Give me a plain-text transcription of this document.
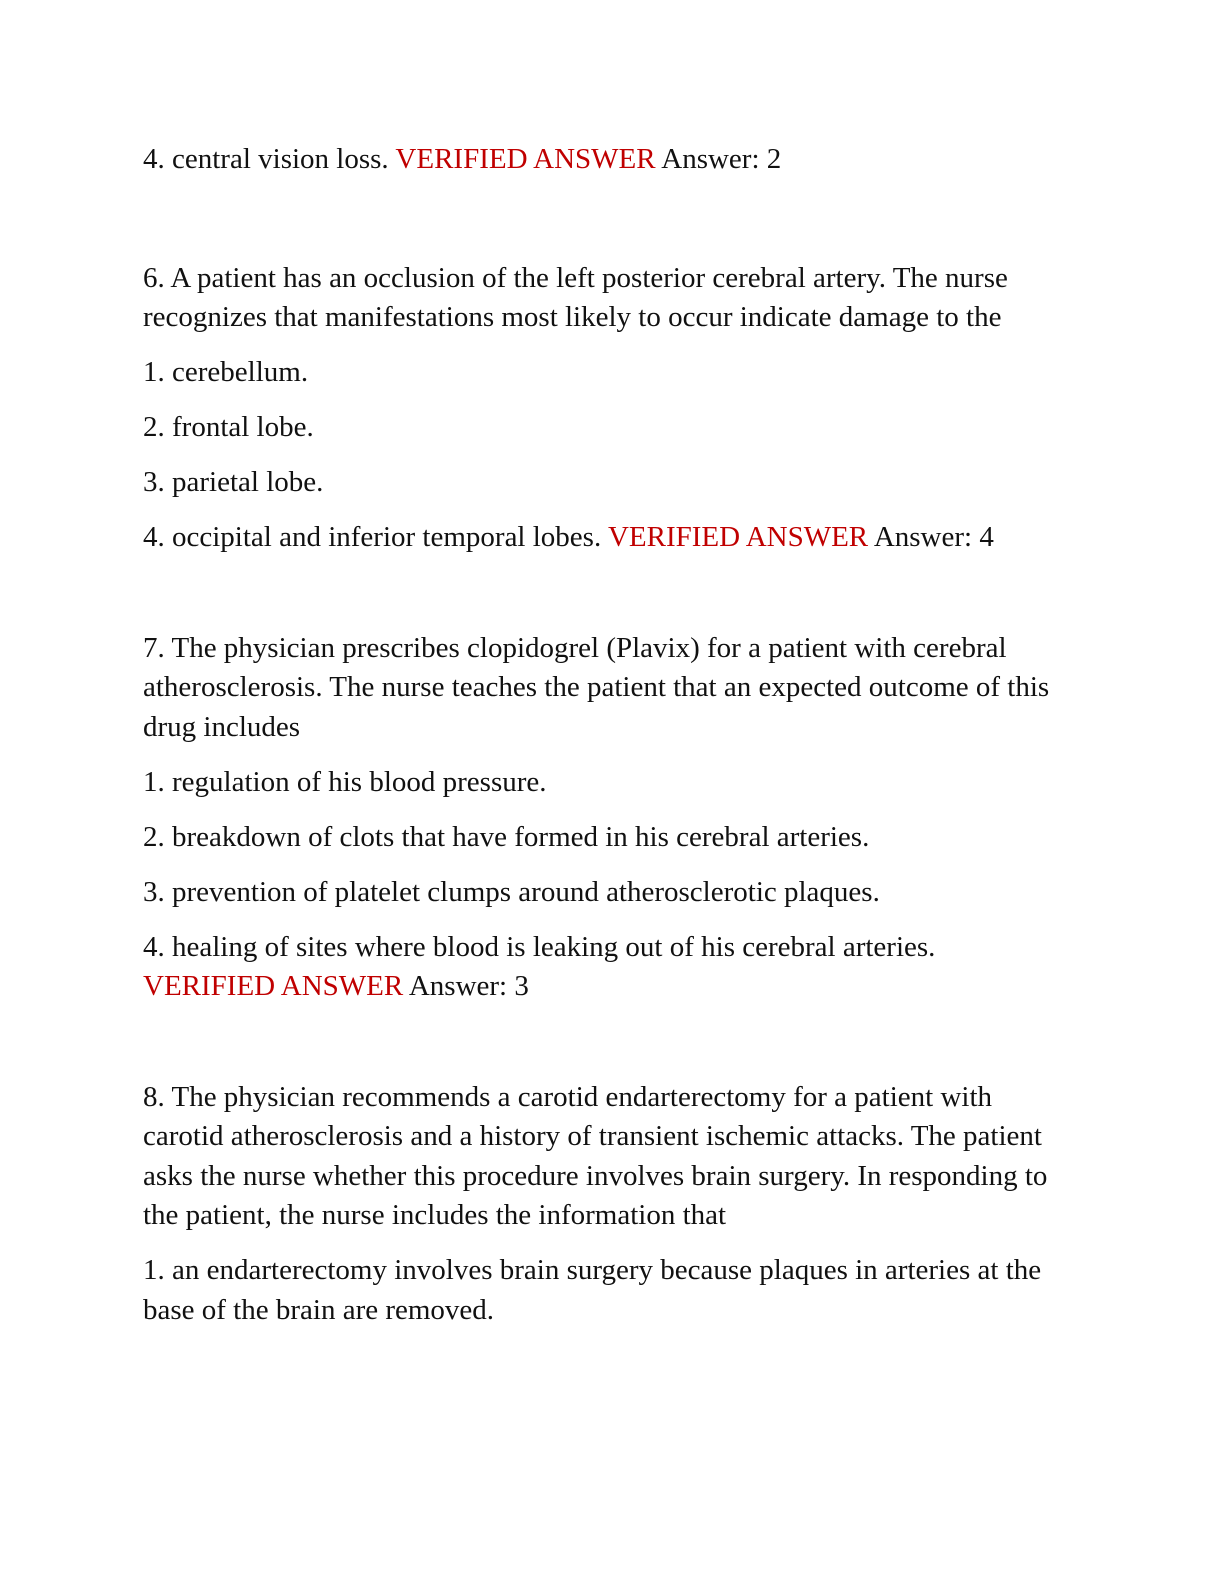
4. central vision loss. VERIFIED ANSWER Answer: 2

6. A patient has an occlusion of the left posterior cerebral artery. The nurse recognizes that manifestations most likely to occur indicate damage to the

1. cerebellum.

2. frontal lobe.

3. parietal lobe.

4. occipital and inferior temporal lobes. VERIFIED ANSWER Answer: 4

7. The physician prescribes clopidogrel (Plavix) for a patient with cerebral atherosclerosis. The nurse teaches the patient that an expected outcome of this drug includes

1. regulation of his blood pressure.

2. breakdown of clots that have formed in his cerebral arteries.

3. prevention of platelet clumps around atherosclerotic plaques.

4. healing of sites where blood is leaking out of his cerebral arteries. VERIFIED ANSWER Answer: 3

8. The physician recommends a carotid endarterectomy for a patient with carotid atherosclerosis and a history of transient ischemic attacks. The patient asks the nurse whether this procedure involves brain surgery. In responding to the patient, the nurse includes the information that

1. an endarterectomy involves brain surgery because plaques in arteries at the base of the brain are removed.
